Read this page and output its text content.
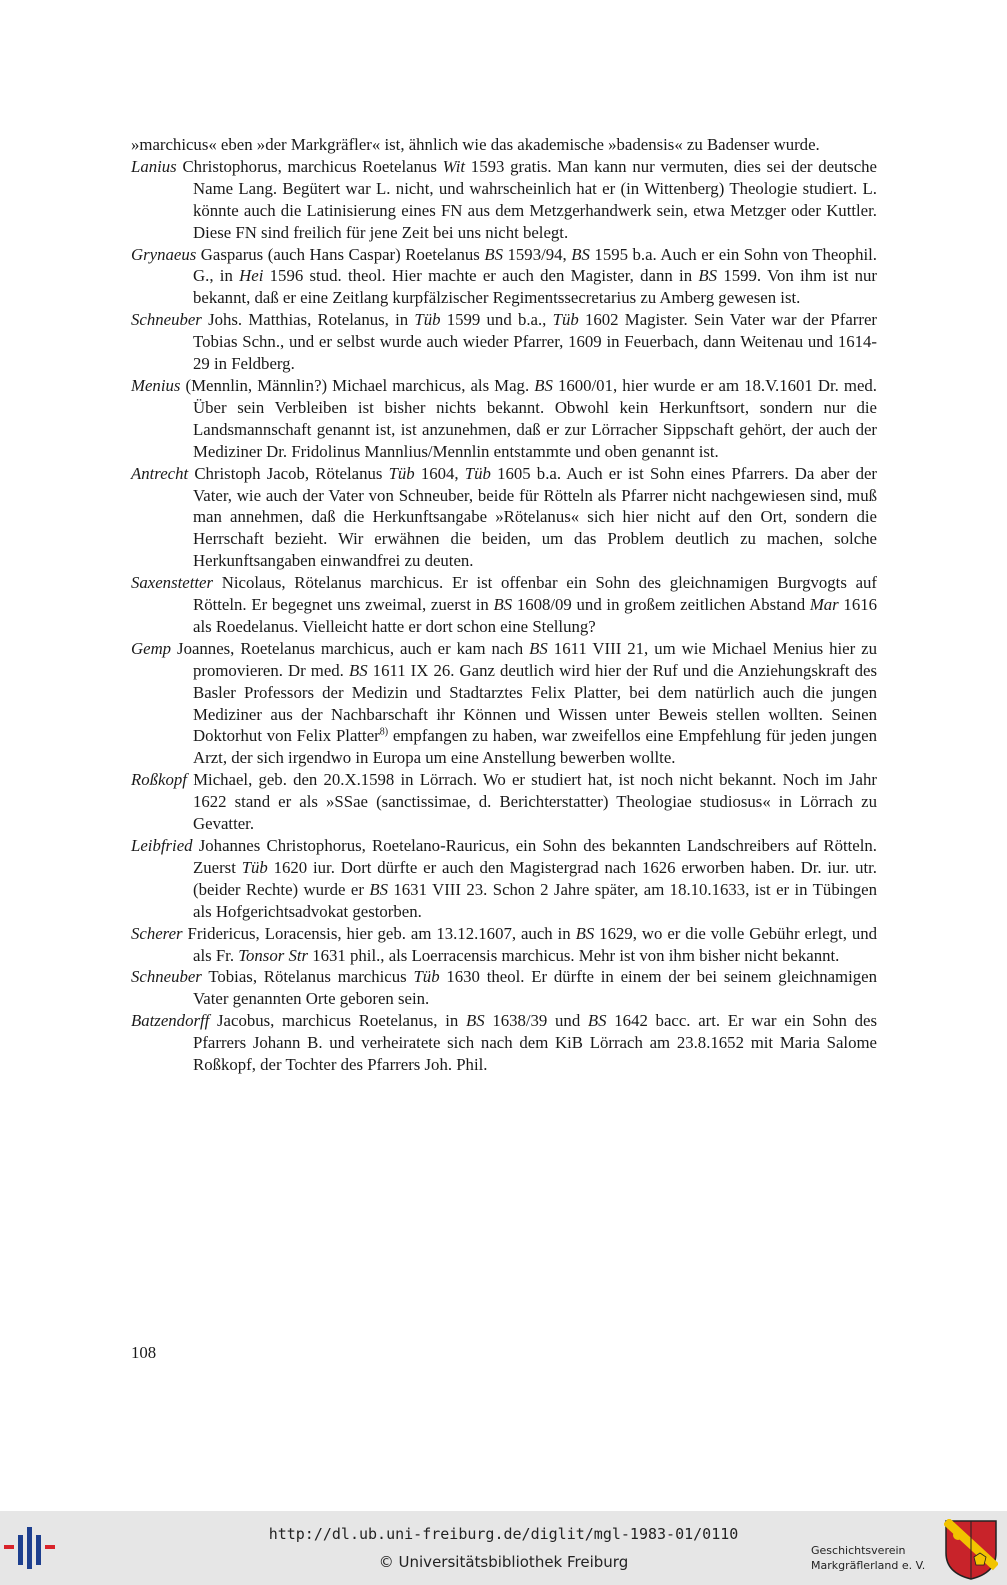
»marchicus« eben »der Markgräfler« ist, ähnlich wie das akademische »badensis« zu Badenser wurde.

Lanius Christophorus, marchicus Roetelanus Wit 1593 gratis. Man kann nur vermuten, dies sei der deutsche Name Lang. Begütert war L. nicht, und wahrscheinlich hat er (in Wittenberg) Theologie studiert. L. könnte auch die Latinisierung eines FN aus dem Metzgerhandwerk sein, etwa Metzger oder Kuttler. Diese FN sind freilich für jene Zeit bei uns nicht belegt.

Grynaeus Gasparus (auch Hans Caspar) Roetelanus BS 1593/94, BS 1595 b.a. Auch er ein Sohn von Theophil. G., in Hei 1596 stud. theol. Hier machte er auch den Magister, dann in BS 1599. Von ihm ist nur bekannt, daß er eine Zeitlang kurpfälzischer Regimentssecretarius zu Amberg gewesen ist.

Schneuber Johs. Matthias, Rotelanus, in Tüb 1599 und b.a., Tüb 1602 Magister. Sein Vater war der Pfarrer Tobias Schn., und er selbst wurde auch wieder Pfarrer, 1609 in Feuerbach, dann Weitenau und 1614-29 in Feldberg.

Menius (Mennlin, Männlin?) Michael marchicus, als Mag. BS 1600/01, hier wurde er am 18.V.1601 Dr. med. Über sein Verbleiben ist bisher nichts bekannt. Obwohl kein Herkunftsort, sondern nur die Landsmannschaft genannt ist, ist anzunehmen, daß er zur Lörracher Sippschaft gehört, der auch der Mediziner Dr. Fridolinus Mannlius/Mennlin entstammte und oben genannt ist.

Antrecht Christoph Jacob, Rötelanus Tüb 1604, Tüb 1605 b.a. Auch er ist Sohn eines Pfarrers. Da aber der Vater, wie auch der Vater von Schneuber, beide für Rötteln als Pfarrer nicht nachgewiesen sind, muß man annehmen, daß die Herkunftsangabe »Rötelanus« sich hier nicht auf den Ort, sondern die Herrschaft bezieht. Wir erwähnen die beiden, um das Problem deutlich zu machen, solche Herkunftsangaben einwandfrei zu deuten.

Saxenstetter Nicolaus, Rötelanus marchicus. Er ist offenbar ein Sohn des gleichnamigen Burgvogts auf Rötteln. Er begegnet uns zweimal, zuerst in BS 1608/09 und in großem zeitlichen Abstand Mar 1616 als Roedelanus. Vielleicht hatte er dort schon eine Stellung?

Gemp Joannes, Roetelanus marchicus, auch er kam nach BS 1611 VIII 21, um wie Michael Menius hier zu promovieren. Dr med. BS 1611 IX 26. Ganz deutlich wird hier der Ruf und die Anziehungskraft des Basler Professors der Medizin und Stadtarztes Felix Platter, bei dem natürlich auch die jungen Mediziner aus der Nachbarschaft ihr Können und Wissen unter Beweis stellen wollten. Seinen Doktorhut von Felix Platter$^{8)}$ empfangen zu haben, war zweifellos eine Empfehlung für jeden jungen Arzt, der sich irgendwo in Europa um eine Anstellung bewerben wollte.

Roßkopf Michael, geb. den 20.X.1598 in Lörrach. Wo er studiert hat, ist noch nicht bekannt. Noch im Jahr 1622 stand er als »SSae (sanctissimae, d. Berichterstatter) Theologiae studiosus« in Lörrach zu Gevatter.

Leibfried Johannes Christophorus, Roetelano-Rauricus, ein Sohn des bekannten Landschreibers auf Rötteln. Zuerst Tüb 1620 iur. Dort dürfte er auch den Magistergrad nach 1626 erworben haben. Dr. iur. utr. (beider Rechte) wurde er BS 1631 VIII 23. Schon 2 Jahre später, am 18.10.1633, ist er in Tübingen als Hofgerichtsadvokat gestorben.

Scherer Fridericus, Loracensis, hier geb. am 13.12.1607, auch in BS 1629, wo er die volle Gebühr erlegt, und als Fr. Tonsor Str 1631 phil., als Loerracensis marchicus. Mehr ist von ihm bisher nicht bekannt.

Schneuber Tobias, Rötelanus marchicus Tüb 1630 theol. Er dürfte in einem der bei seinem gleichnamigen Vater genannten Orte geboren sein.

Batzendorff Jacobus, marchicus Roetelanus, in BS 1638/39 und BS 1642 bacc. art. Er war ein Sohn des Pfarrers Johann B. und verheiratete sich nach dem KiB Lörrach am 23.8.1652 mit Maria Salome Roßkopf, der Tochter des Pfarrers Joh. Phil.

108
http://dl.ub.uni-freiburg.de/diglit/mgl-1983-01/0110
© Universitätsbibliothek Freiburg
Geschichtsverein
Markgräflerland e. V.
